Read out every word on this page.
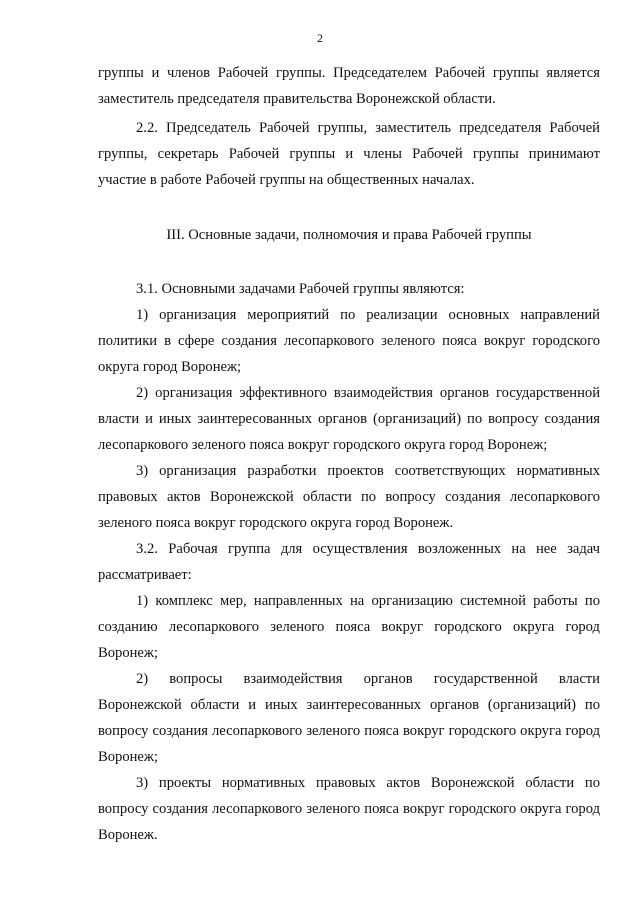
2

группы и членов Рабочей группы. Председателем Рабочей группы является заместитель председателя правительства Воронежской области.

2.2. Председатель Рабочей группы, заместитель председателя Рабочей группы, секретарь Рабочей группы и члены Рабочей группы принимают участие в работе Рабочей группы на общественных началах.

III. Основные задачи, полномочия и права Рабочей группы

3.1. Основными задачами Рабочей группы являются:

1) организация мероприятий по реализации основных направлений политики в сфере создания лесопаркового зеленого пояса вокруг городского округа город Воронеж;

2) организация эффективного взаимодействия органов государственной власти и иных заинтересованных органов (организаций) по вопросу создания лесопаркового зеленого пояса вокруг городского округа город Воронеж;

3) организация разработки проектов соответствующих нормативных правовых актов Воронежской области по вопросу создания лесопаркового зеленого пояса вокруг городского округа город Воронеж.

3.2. Рабочая группа для осуществления возложенных на нее задач рассматривает:

1) комплекс мер, направленных на организацию системной работы по созданию лесопаркового зеленого пояса вокруг городского округа город Воронеж;

2) вопросы взаимодействия органов государственной власти Воронежской области и иных заинтересованных органов (организаций) по вопросу создания лесопаркового зеленого пояса вокруг городского округа город Воронеж;

3) проекты нормативных правовых актов Воронежской области по вопросу создания лесопаркового зеленого пояса вокруг городского округа город Воронеж.
